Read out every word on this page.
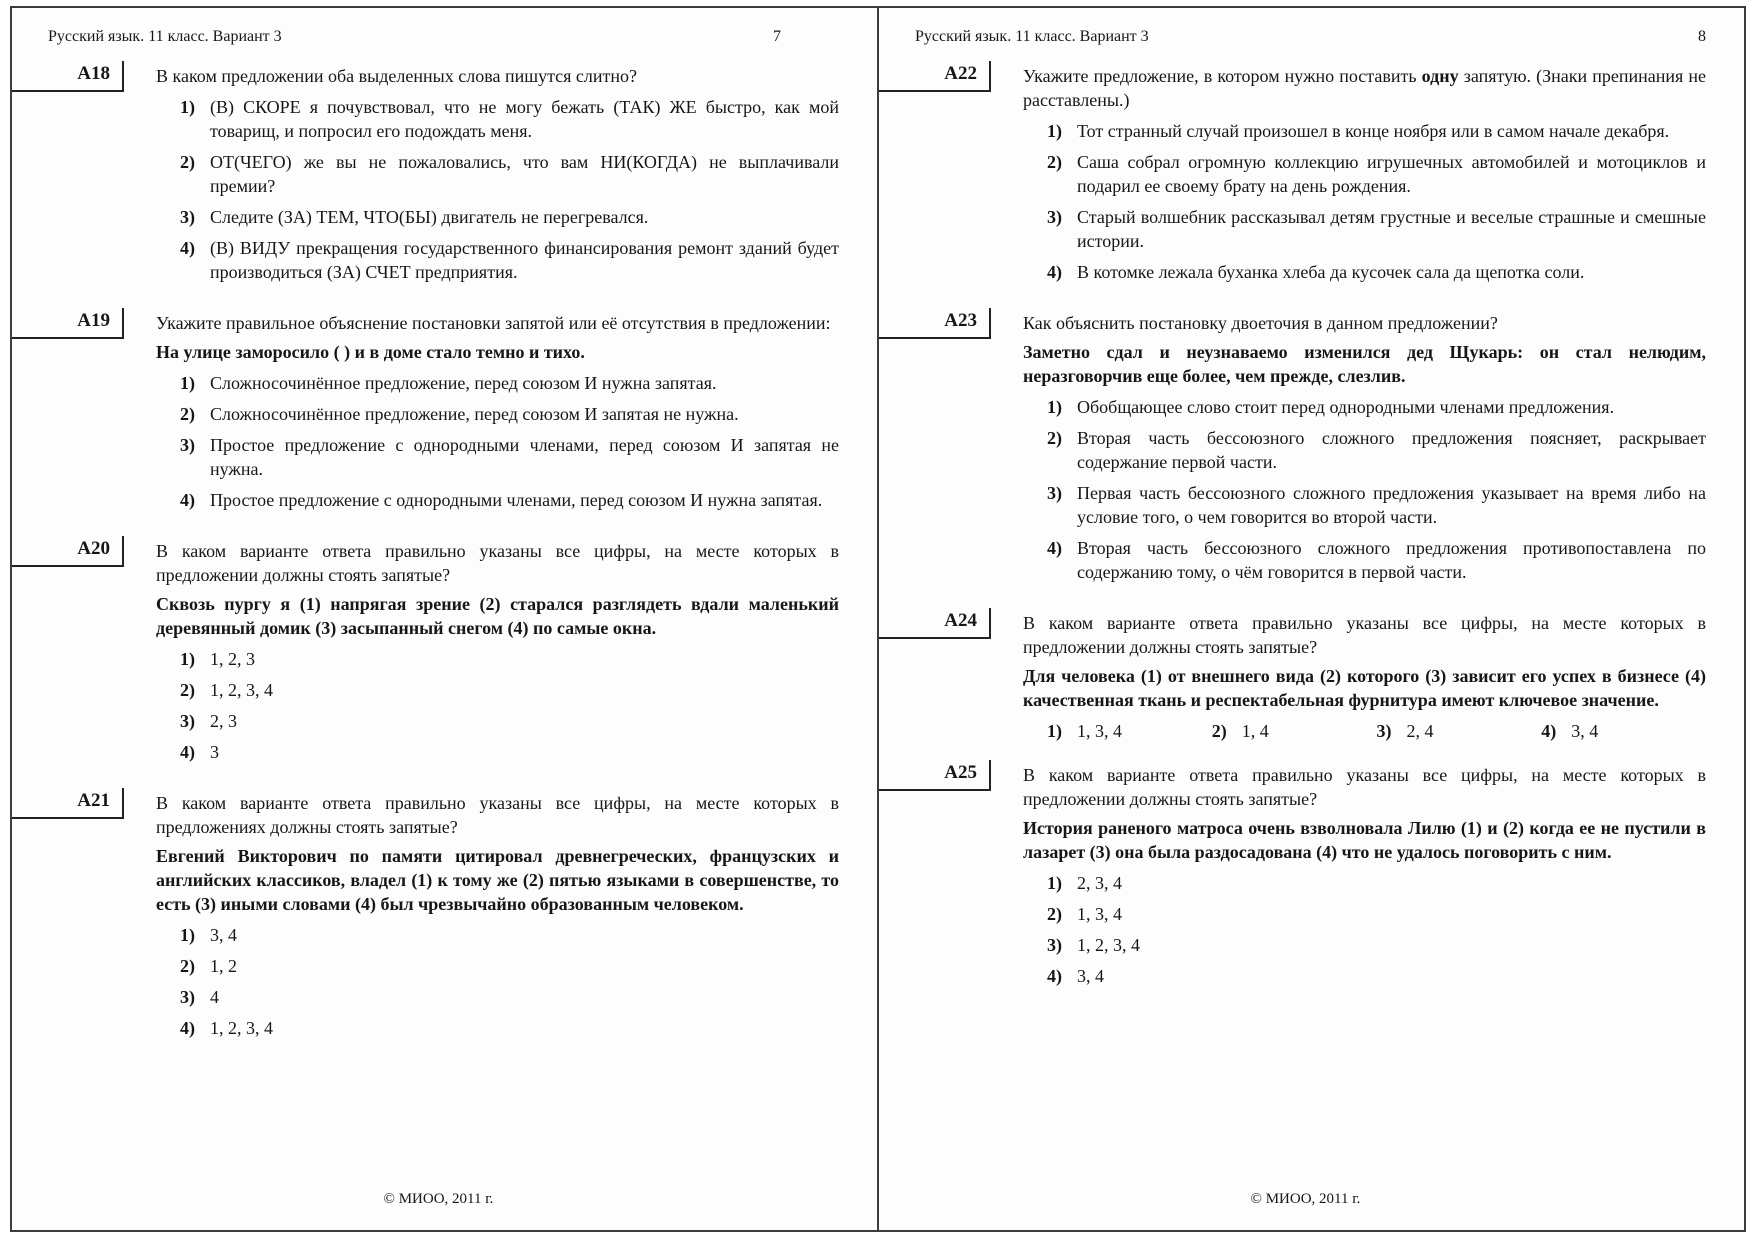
Русский язык. 11 класс. Вариант 3	7
А18	В каком предложении оба выделенных слова пишутся слитно?

1) (В) СКОРЕ я почувствовал, что не могу бежать (ТАК) ЖЕ быстро, как мой товарищ, и попросил его подождать меня.
2) ОТ(ЧЕГО) же вы не пожаловались, что вам НИ(КОГДА) не выплачивали премии?
3) Следите (ЗА) ТЕМ, ЧТО(БЫ) двигатель не перегревался.
4) (В) ВИДУ прекращения государственного финансирования ремонт зданий будет производиться (ЗА) СЧЕТ предприятия.
А19	Укажите правильное объяснение постановки запятой или её отсутствия в предложении:

На улице заморосило ( ) и в доме стало темно и тихо.

1) Сложносочинённое предложение, перед союзом И нужна запятая.
2) Сложносочинённое предложение, перед союзом И запятая не нужна.
3) Простое предложение с однородными членами, перед союзом И запятая не нужна.
4) Простое предложение с однородными членами, перед союзом И нужна запятая.
А20	В каком варианте ответа правильно указаны все цифры, на месте которых в предложении должны стоять запятые?

Сквозь пургу я (1) напрягая зрение (2) старался разглядеть вдали маленький деревянный домик (3) засыпанный снегом (4) по самые окна.

1) 1, 2, 3
2) 1, 2, 3, 4
3) 2, 3
4) 3
А21	В каком варианте ответа правильно указаны все цифры, на месте которых в предложениях должны стоять запятые?

Евгений Викторович по памяти цитировал древнегреческих, французских и английских классиков, владел (1) к тому же (2) пятью языками в совершенстве, то есть (3) иными словами (4) был чрезвычайно образованным человеком.

1) 3, 4
2) 1, 2
3) 4
4) 1, 2, 3, 4
© МИОО, 2011 г.
Русский язык. 11 класс. Вариант 3	8
А22	Укажите предложение, в котором нужно поставить одну запятую. (Знаки препинания не расставлены.)

1) Тот странный случай произошел в конце ноября или в самом начале декабря.
2) Саша собрал огромную коллекцию игрушечных автомобилей и мотоциклов и подарил ее своему брату на день рождения.
3) Старый волшебник рассказывал детям грустные и веселые страшные и смешные истории.
4) В котомке лежала буханка хлеба да кусочек сала да щепотка соли.
А23	Как объяснить постановку двоеточия в данном предложении?

Заметно сдал и неузнаваемо изменился дед Щукарь: он стал нелюдим, неразговорчив еще более, чем прежде, слезлив.

1) Обобщающее слово стоит перед однородными членами предложения.
2) Вторая часть бессоюзного сложного предложения поясняет, раскрывает содержание первой части.
3) Первая часть бессоюзного сложного предложения указывает на время либо на условие того, о чем говорится во второй части.
4) Вторая часть бессоюзного сложного предложения противопоставлена по содержанию тому, о чём говорится в первой части.
А24	В каком варианте ответа правильно указаны все цифры, на месте которых в предложении должны стоять запятые?

Для человека (1) от внешнего вида (2) которого (3) зависит его успех в бизнесе (4) качественная ткань и респектабельная фурнитура имеют ключевое значение.

1) 1, 3, 4	2) 1, 4	3) 2, 4	4) 3, 4
А25	В каком варианте ответа правильно указаны все цифры, на месте которых в предложении должны стоять запятые?

История раненого матроса очень взволновала Лилю (1) и (2) когда ее не пустили в лазарет (3) она была раздосадована (4) что не удалось поговорить с ним.

1) 2, 3, 4
2) 1, 3, 4
3) 1, 2, 3, 4
4) 3, 4
© МИОО, 2011 г.
